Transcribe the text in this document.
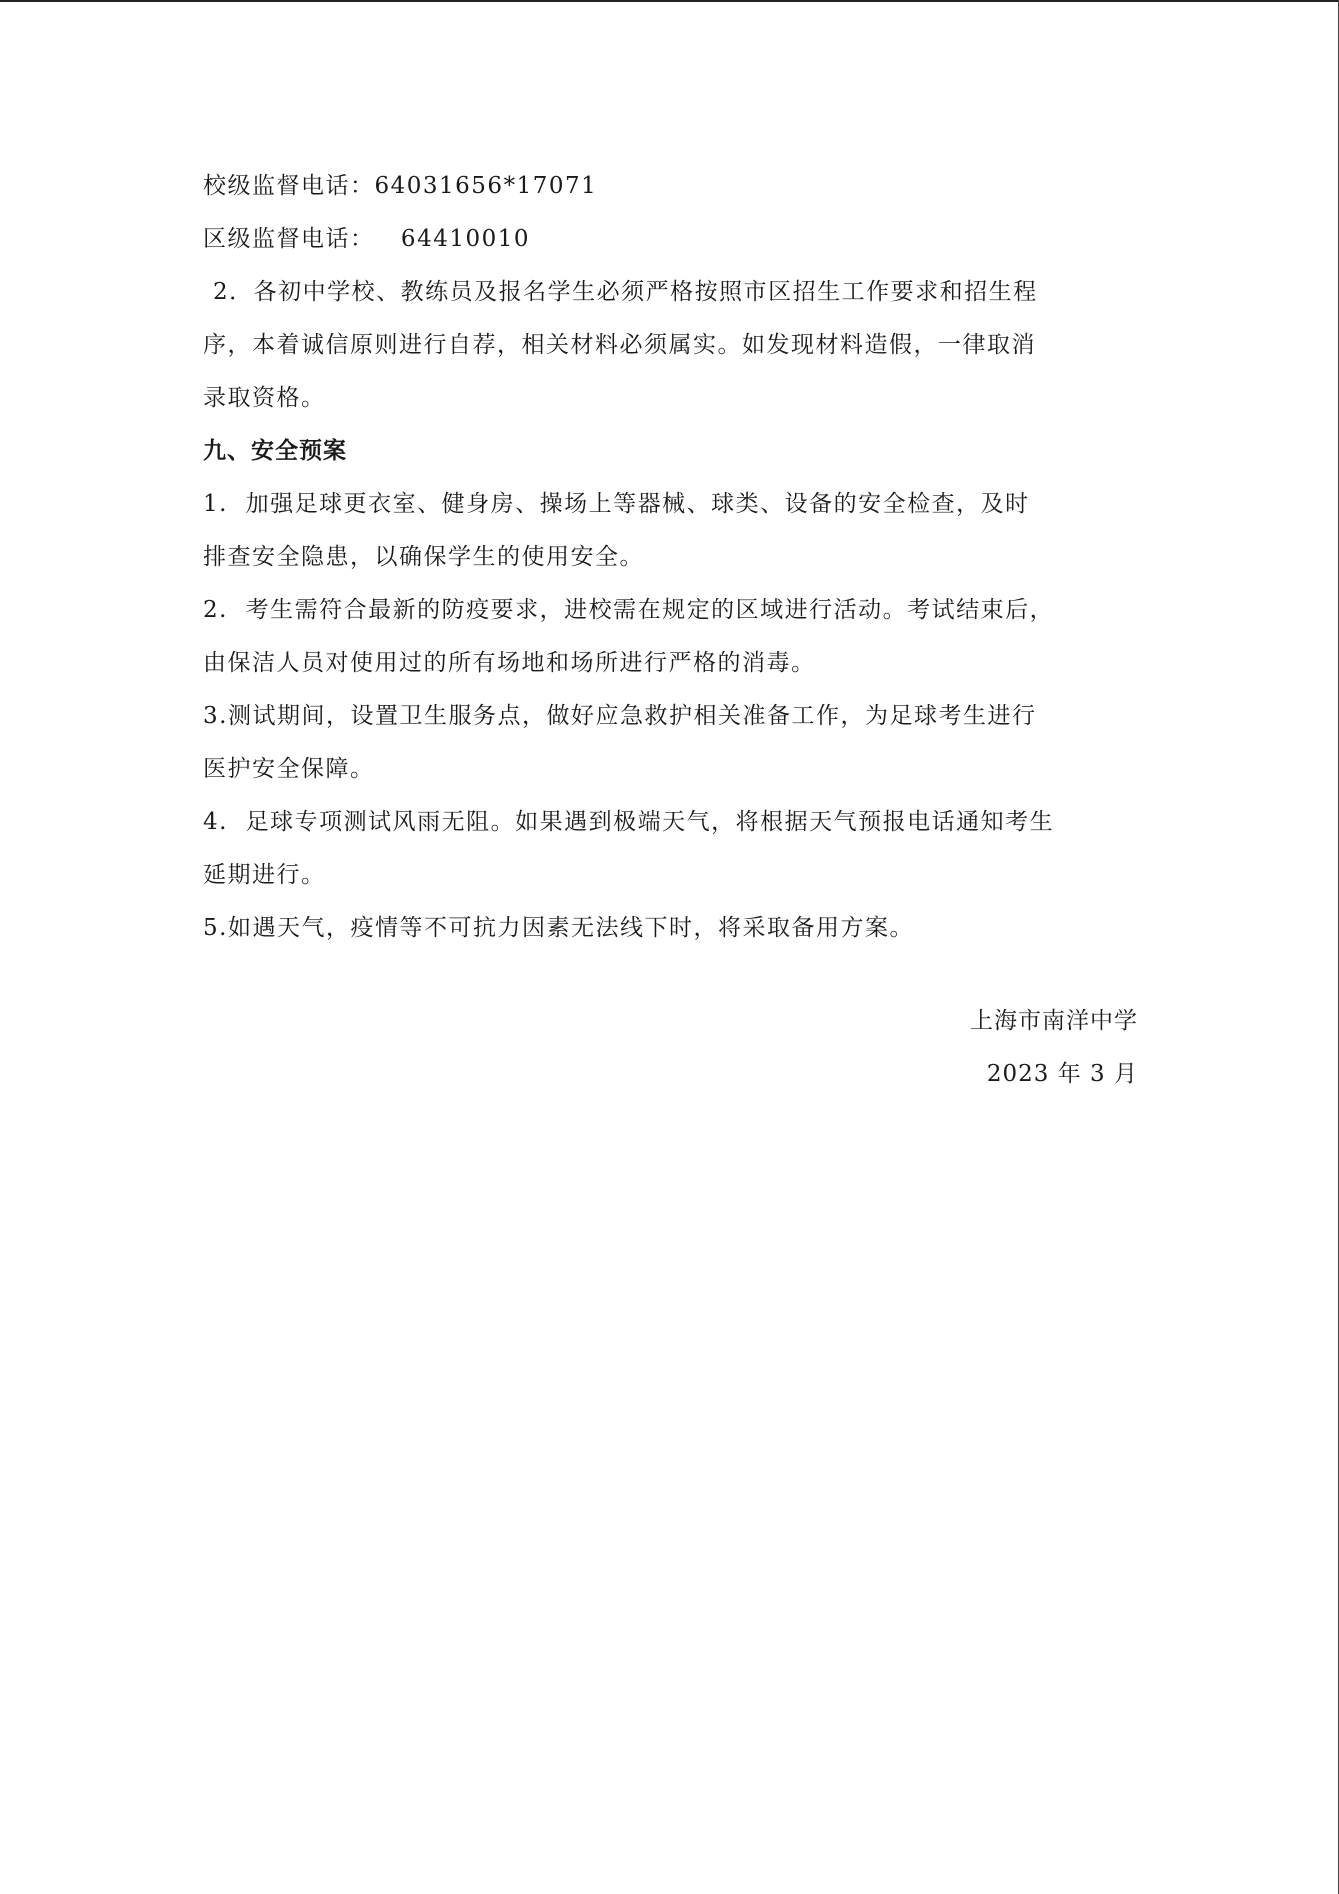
校级监督电话：64031656*17071
区级监督电话：   64410010
2．各初中学校、教练员及报名学生必须严格按照市区招生工作要求和招生程
序，本着诚信原则进行自荐，相关材料必须属实。如发现材料造假，一律取消
录取资格。
九、安全预案
1.  加强足球更衣室、健身房、操场上等器械、球类、设备的安全检查，及时
排查安全隐患，以确保学生的使用安全。
2.  考生需符合最新的防疫要求，进校需在规定的区域进行活动。考试结束后，
由保洁人员对使用过的所有场地和场所进行严格的消毒。
3.测试期间，设置卫生服务点，做好应急救护相关准备工作，为足球考生进行
医护安全保障。
4.  足球专项测试风雨无阻。如果遇到极端天气，将根据天气预报电话通知考生
延期进行。
5.如遇天气，疫情等不可抗力因素无法线下时，将采取备用方案。
上海市南洋中学
2023 年 3 月
